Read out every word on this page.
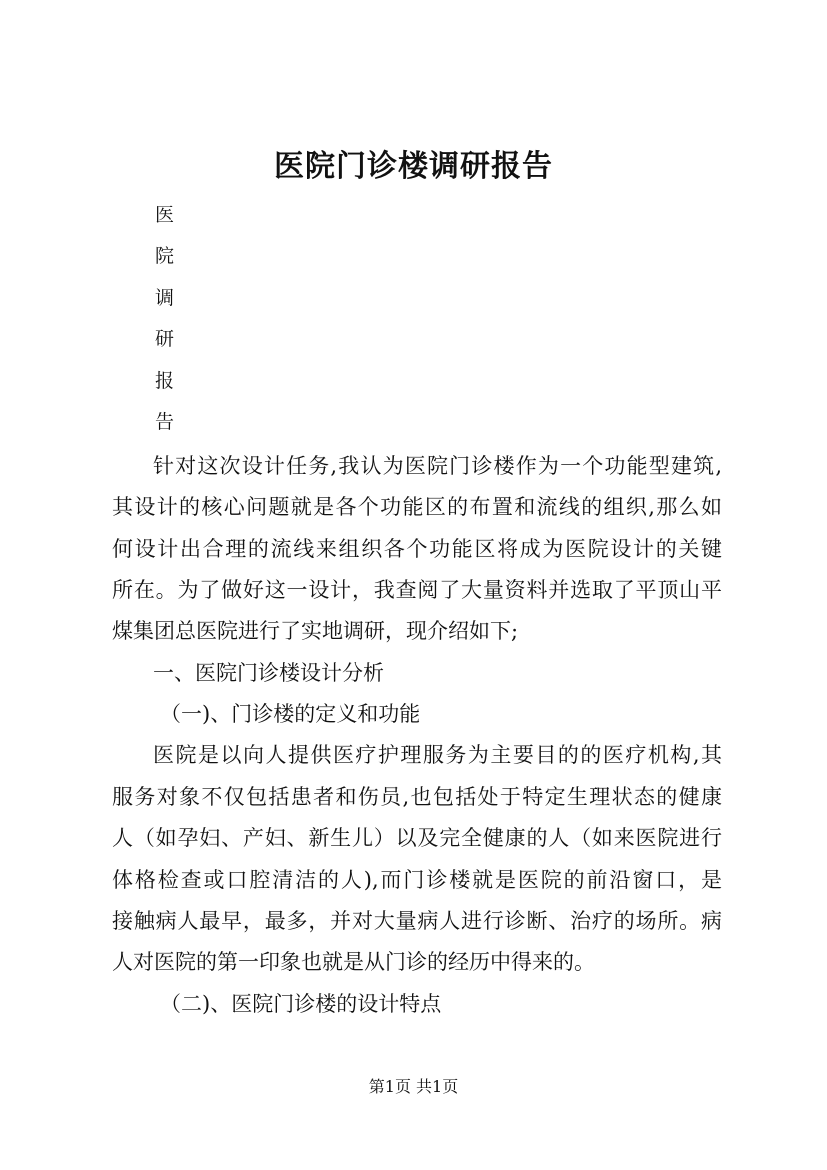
医院门诊楼调研报告
医
院
调
研
报
告
针对这次设计任务,我认为医院门诊楼作为一个功能型建筑,
其设计的核心问题就是各个功能区的布置和流线的组织,那么如
何设计出合理的流线来组织各个功能区将成为医院设计的关键
所在。为了做好这一设计，我查阅了大量资料并选取了平顶山平
煤集团总医院进行了实地调研，现介绍如下;
一、医院门诊楼设计分析
（一)、门诊楼的定义和功能
医院是以向人提供医疗护理服务为主要目的的医疗机构,其
服务对象不仅包括患者和伤员,也包括处于特定生理状态的健康
人（如孕妇、产妇、新生儿）以及完全健康的人（如来医院进行
体格检查或口腔清洁的人),而门诊楼就是医院的前沿窗口，是
接触病人最早，最多，并对大量病人进行诊断、治疗的场所。病
人对医院的第一印象也就是从门诊的经历中得来的。
（二)、医院门诊楼的设计特点
第1页 共1页
